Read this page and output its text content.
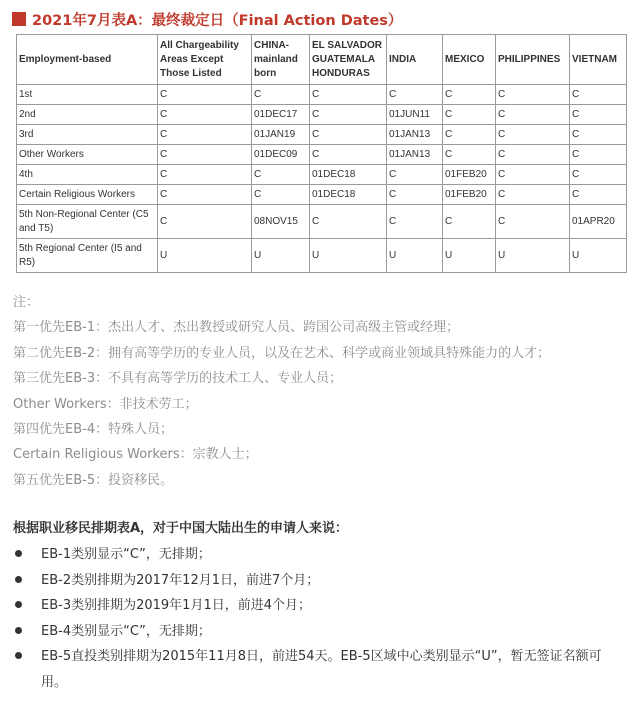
2021年7月表A：最终裁定日（Final Action Dates）
Employment-based	All Chargeability Areas Except Those Listed	CHINA-mainland born	EL SALVADOR GUATEMALA HONDURAS	INDIA	MEXICO	PHILIPPINES	VIETNAM
1st	C	C	C	C	C	C	C
2nd	C	01DEC17	C	01JUN11	C	C	C
3rd	C	01JAN19	C	01JAN13	C	C	C
Other Workers	C	01DEC09	C	01JAN13	C	C	C
4th	C	C	01DEC18	C	01FEB20	C	C
Certain Religious Workers	C	C	01DEC18	C	01FEB20	C	C
5th Non-Regional Center (C5 and T5)	C	08NOV15	C	C	C	C	01APR20
5th Regional Center (I5 and R5)	U	U	U	U	U	U	U
注：
第一优先EB-1：杰出人才、杰出教授或研究人员、跨国公司高级主管或经理；
第二优先EB-2：拥有高等学历的专业人员，以及在艺术、科学或商业领域具特殊能力的人才；
第三优先EB-3：不具有高等学历的技术工人、专业人员；
Other Workers：非技术劳工；
第四优先EB-4：特殊人员；
Certain Religious Workers：宗教人士；
第五优先EB-5：投资移民。
根据职业移民排期表A，对于中国大陆出生的申请人来说：
EB-1类别显示“C”，无排期；
EB-2类别排期为2017年12月1日，前进7个月；
EB-3类别排期为2019年1月1日，前进4个月；
EB-4类别显示“C”，无排期；
EB-5直投类别排期为2015年11月8日，前进54天。EB-5区域中心类别显示“U”，暂无签证名额可用。
